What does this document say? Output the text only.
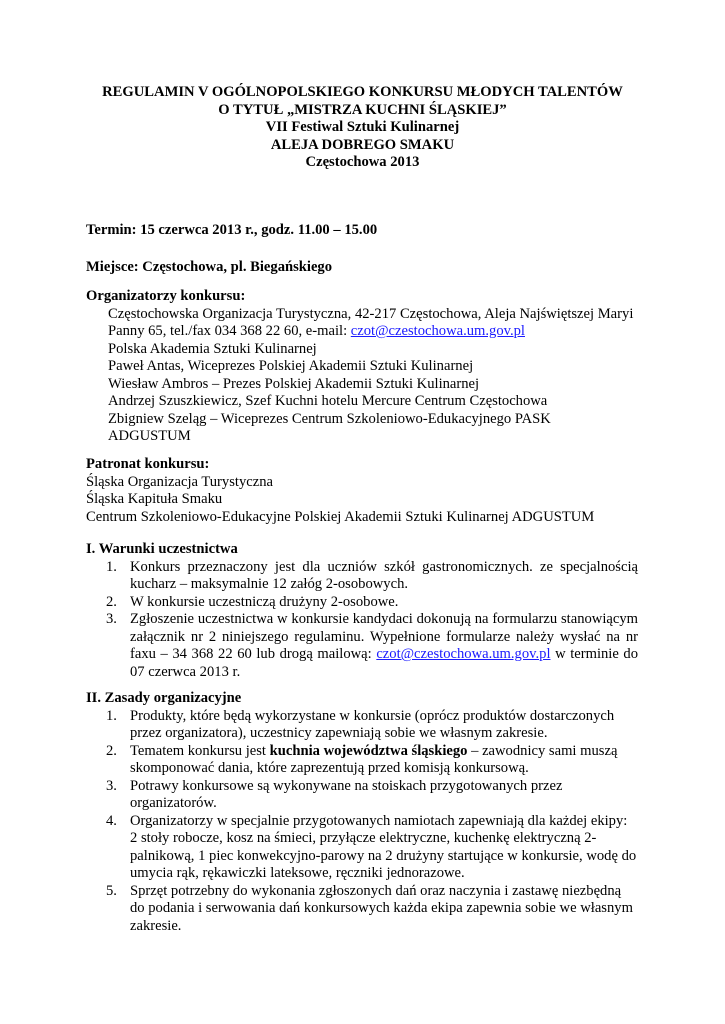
REGULAMIN V OGÓLNOPOLSKIEGO KONKURSU MŁODYCH TALENTÓW
O TYTUŁ „MISTRZA KUCHNI ŚLĄSKIEJ”
VII Festiwal Sztuki Kulinarnej
ALEJA DOBREGO SMAKU
Częstochowa 2013
Termin: 15 czerwca 2013 r., godz. 11.00 – 15.00
Miejsce: Częstochowa, pl. Biegańskiego
Organizatorzy konkursu:
Częstochowska Organizacja Turystyczna, 42-217 Częstochowa, Aleja Najświętszej Maryi
Panny 65, tel./fax 034 368 22 60, e-mail: czot@czestochowa.um.gov.pl
Polska Akademia Sztuki Kulinarnej
Paweł Antas, Wiceprezes Polskiej Akademii Sztuki Kulinarnej
Wiesław Ambros – Prezes Polskiej Akademii Sztuki Kulinarnej
Andrzej Szuszkiewicz, Szef Kuchni hotelu Mercure Centrum Częstochowa
Zbigniew Szeląg – Wiceprezes Centrum Szkoleniowo-Edukacyjnego PASK
ADGUSTUM
Patronat konkursu:
Śląska Organizacja Turystyczna
Śląska Kapituła Smaku
Centrum Szkoleniowo-Edukacyjne Polskiej Akademii Sztuki Kulinarnej ADGUSTUM
I. Warunki uczestnictwa
1. Konkurs przeznaczony jest dla uczniów szkół gastronomicznych. ze specjalnością kucharz – maksymalnie 12 załóg 2-osobowych.
2. W konkursie uczestniczą drużyny 2-osobowe.
3. Zgłoszenie uczestnictwa w konkursie kandydaci dokonują na formularzu stanowiącym załącznik nr 2 niniejszego regulaminu. Wypełnione formularze należy wysłać na nr faxu – 34 368 22 60 lub drogą mailową: czot@czestochowa.um.gov.pl w terminie do 07 czerwca 2013 r.
II. Zasady organizacyjne
1. Produkty, które będą wykorzystane w konkursie (oprócz produktów dostarczonych przez organizatora), uczestnicy zapewniają sobie we własnym zakresie.
2. Tematem konkursu jest kuchnia województwa śląskiego – zawodnicy sami muszą skomponować dania, które zaprezentują przed komisją konkursową.
3. Potrawy konkursowe są wykonywane na stoiskach przygotowanych przez organizatorów.
4. Organizatorzy w specjalnie przygotowanych namiotach zapewniają dla każdej ekipy: 2 stoły robocze, kosz na śmieci, przyłącze elektryczne, kuchenkę elektryczną 2-palnikową, 1 piec konwekcyjno-parowy na 2 drużyny startujące w konkursie, wodę do umycia rąk, rękawiczki lateksowe, ręczniki jednorazowe.
5. Sprzęt potrzebny do wykonania zgłoszonych dań oraz naczynia i zastawę niezbędną do podania i serwowania dań konkursowych każda ekipa zapewnia sobie we własnym zakresie.
